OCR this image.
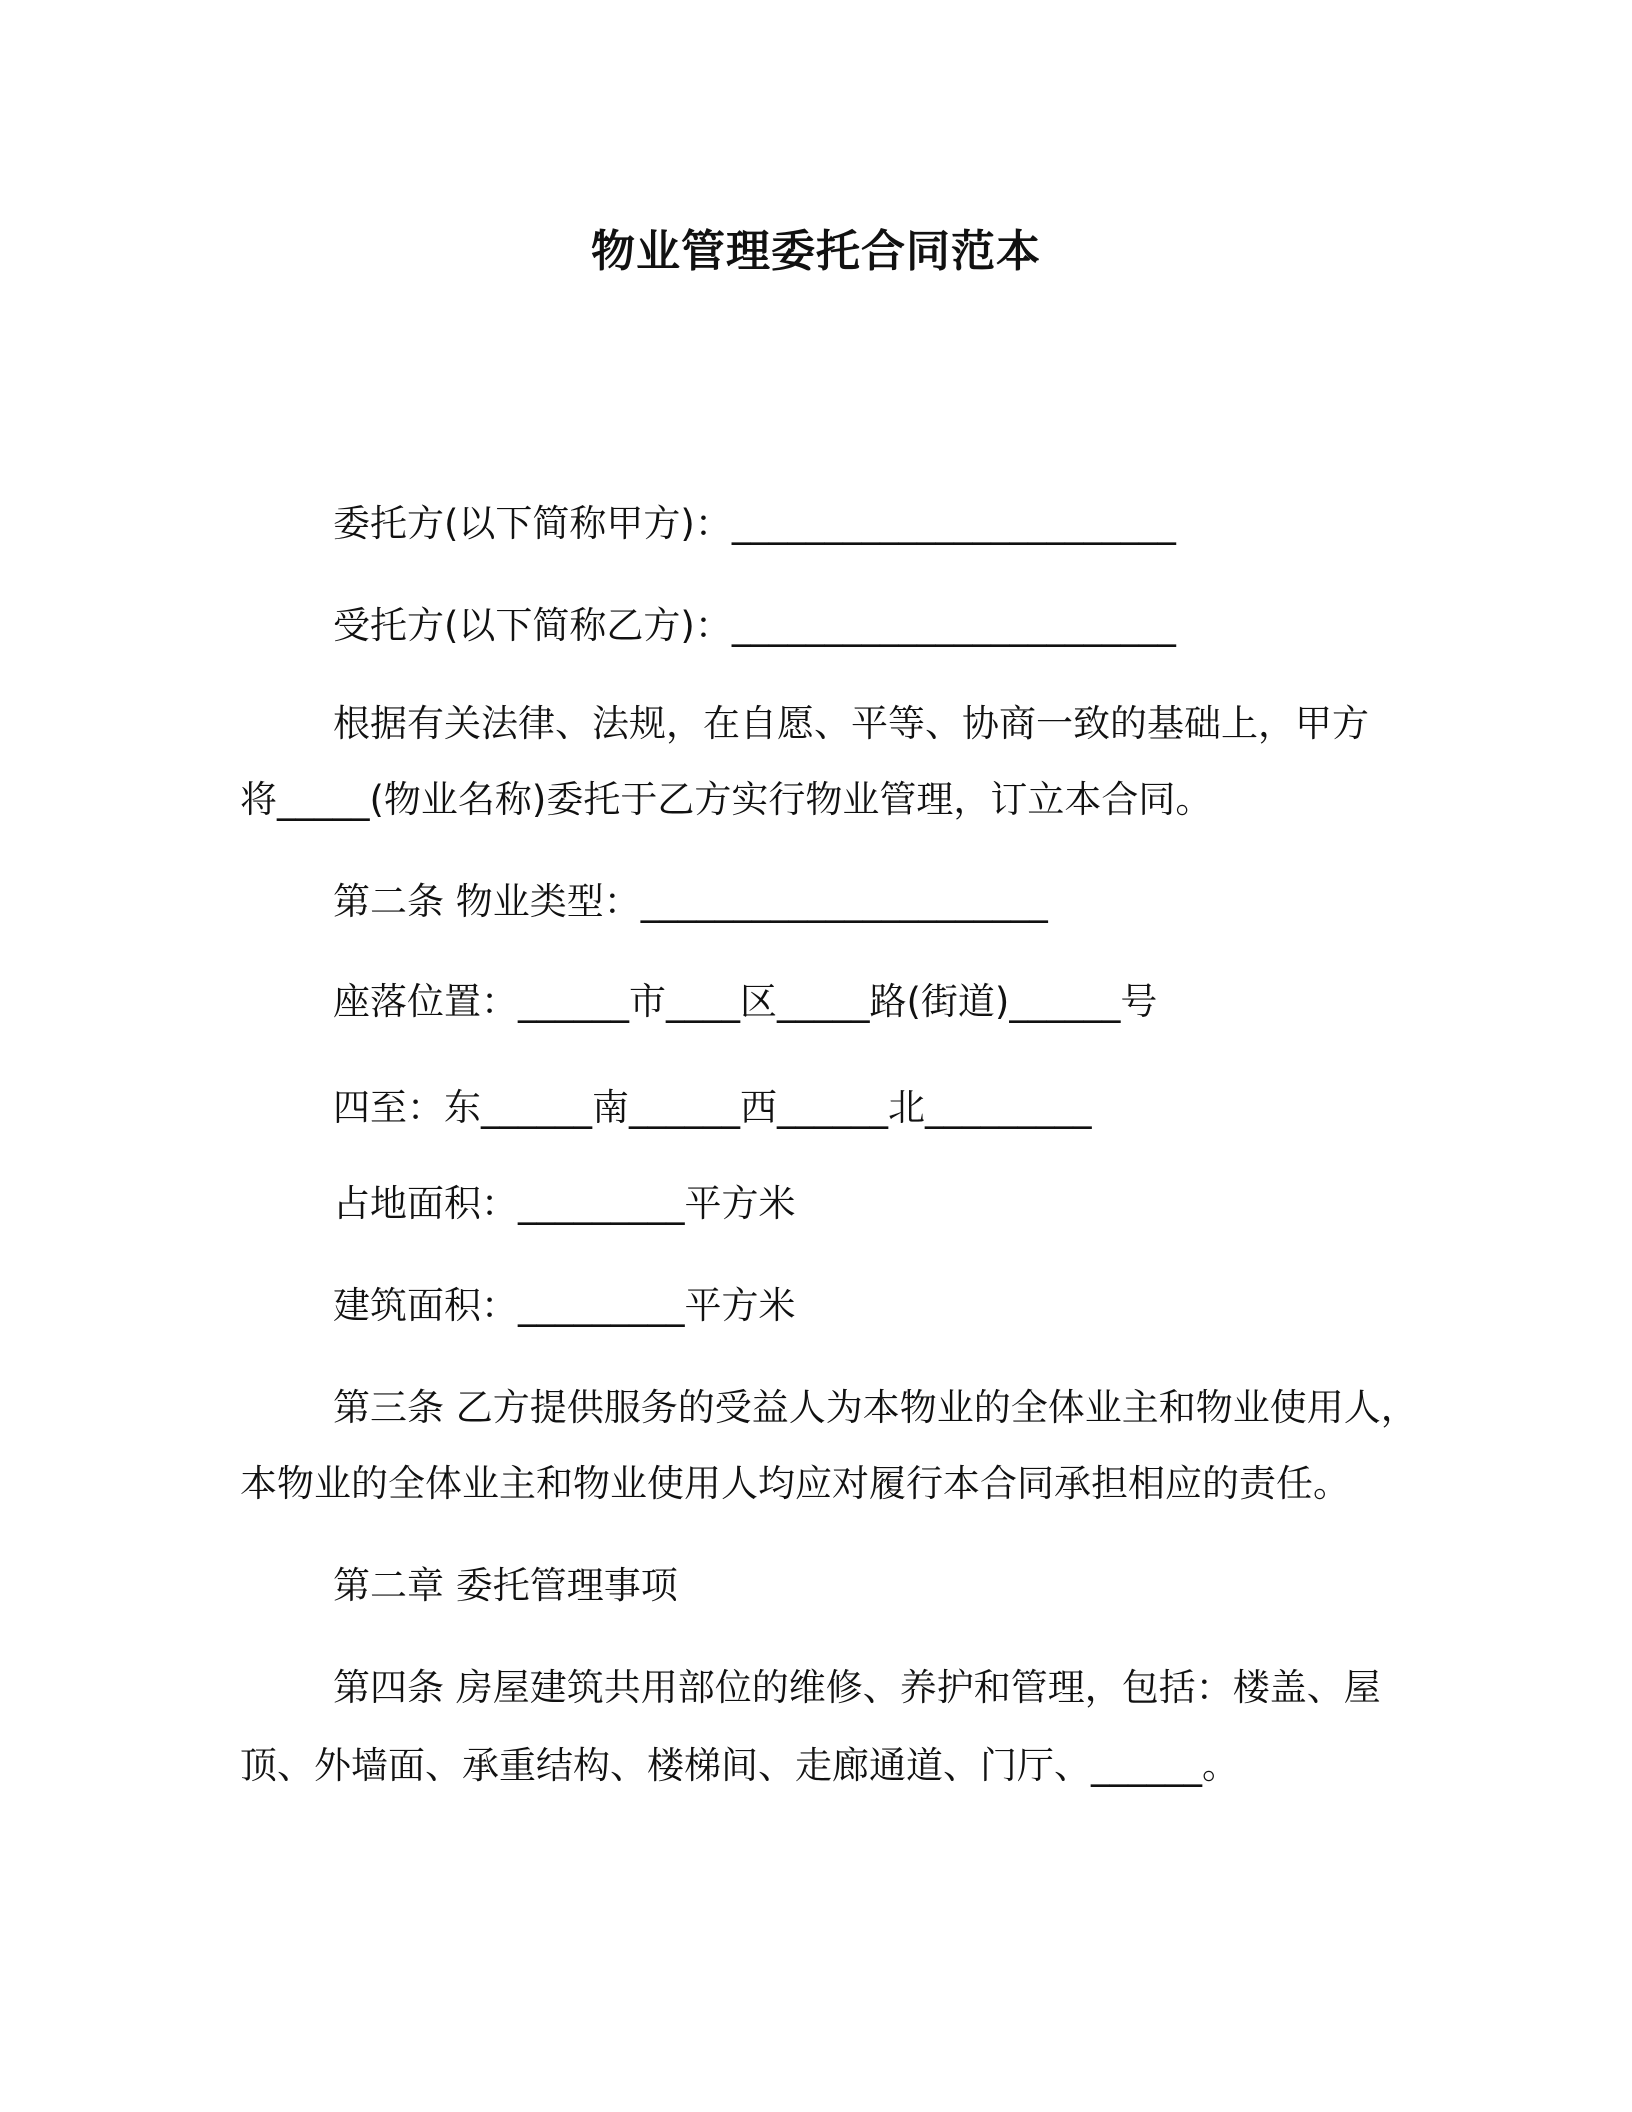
物业管理委托合同范本
委托方(以下简称甲方)：________________________
受托方(以下简称乙方)：________________________
根据有关法律、法规，在自愿、平等、协商一致的基础上，甲方
将_____(物业名称)委托于乙方实行物业管理，订立本合同。
第二条 物业类型：______________________
座落位置：______市____区_____路(街道)______号
四至：东______南______西______北_________
占地面积：_________平方米
建筑面积：_________平方米
第三条 乙方提供服务的受益人为本物业的全体业主和物业使用人，
本物业的全体业主和物业使用人均应对履行本合同承担相应的责任。
第二章 委托管理事项
第四条 房屋建筑共用部位的维修、养护和管理，包括：楼盖、屋
顶、外墙面、承重结构、楼梯间、走廊通道、门厅、______。
